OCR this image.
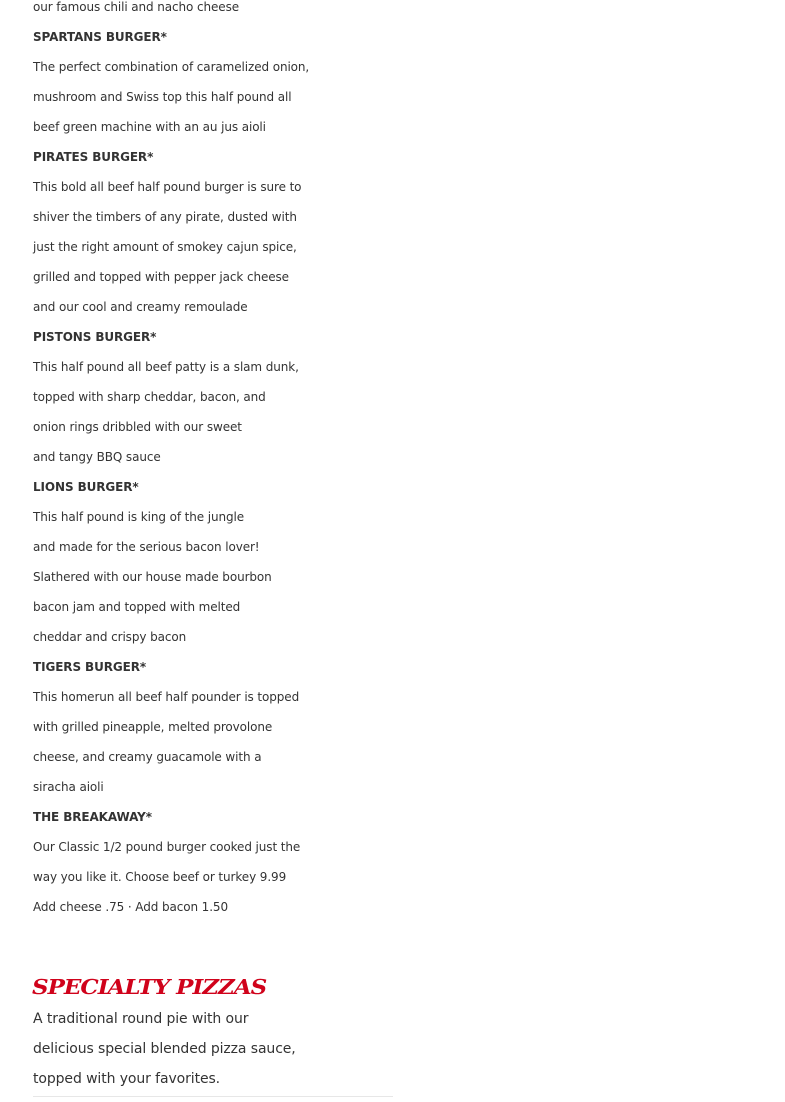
our famous chili and nacho cheese
SPARTANS BURGER*
The perfect combination of caramelized onion,
mushroom and Swiss top this half pound all
beef green machine with an au jus aioli
PIRATES BURGER*
This bold all beef half pound burger is sure to
shiver the timbers of any pirate, dusted with
just the right amount of smokey cajun spice,
grilled and topped with pepper jack cheese
and our cool and creamy remoulade
PISTONS BURGER*
This half pound all beef patty is a slam dunk,
topped with sharp cheddar, bacon, and
onion rings dribbled with our sweet
and tangy BBQ sauce
LIONS BURGER*
This half pound is king of the jungle
and made for the serious bacon lover!
Slathered with our house made bourbon
bacon jam and topped with melted
cheddar and crispy bacon
TIGERS BURGER*
This homerun all beef half pounder is topped
with grilled pineapple, melted provolone
cheese, and creamy guacamole with a
siracha aioli
THE BREAKAWAY*
Our Classic 1/2 pound burger cooked just the
way you like it. Choose beef or turkey 9.99
Add cheese .75 · Add bacon 1.50
SPECIALTY PIZZAS
A traditional round pie with our
delicious special blended pizza sauce,
topped with your favorites.
